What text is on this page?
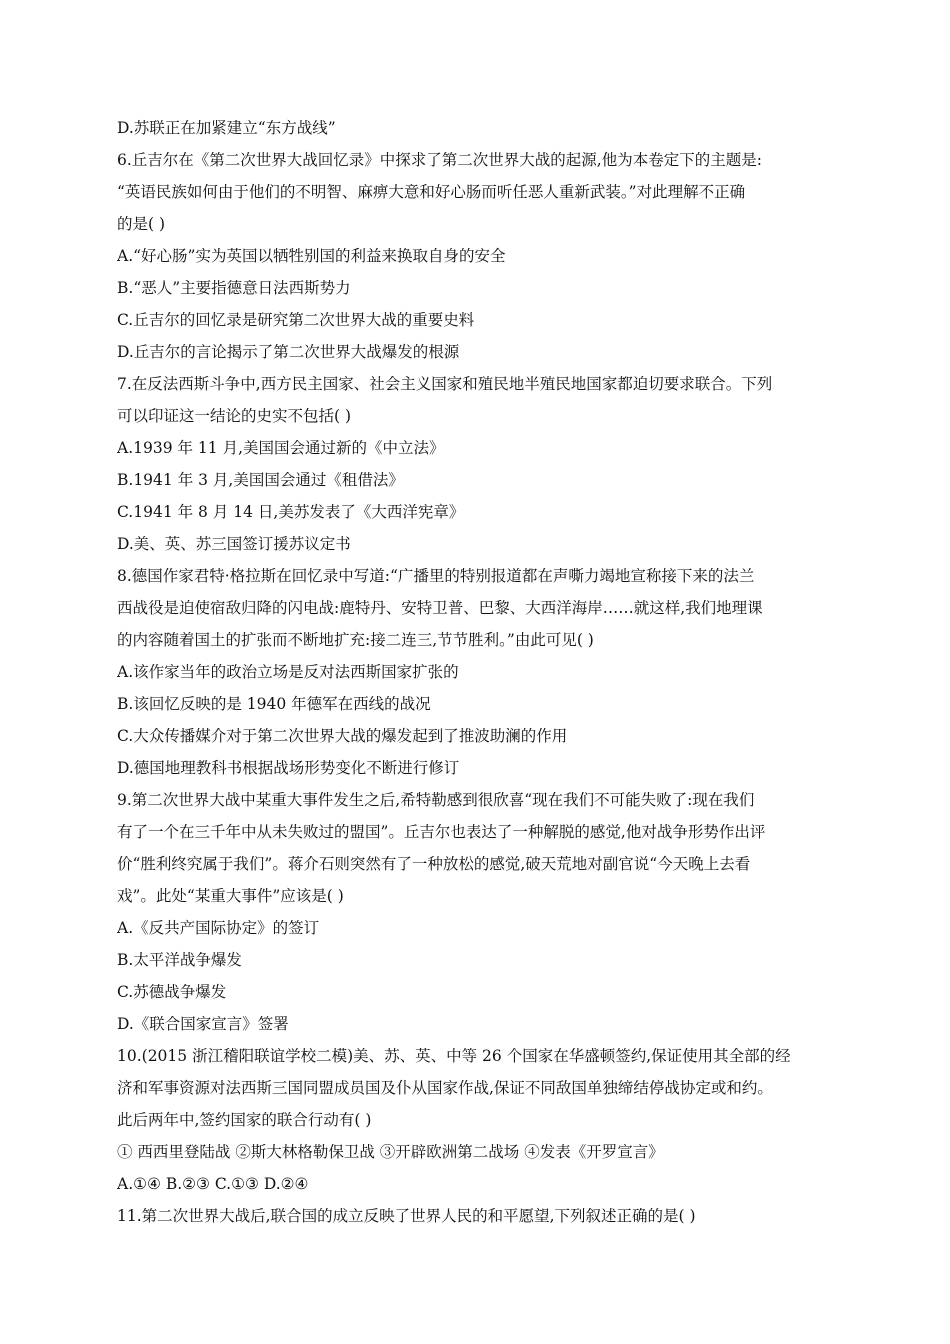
D.苏联正在加紧建立“东方战线”
6.丘吉尔在《第二次世界大战回忆录》中探求了第二次世界大战的起源,他为本卷定下的主题是:
“英语民族如何由于他们的不明智、麻痹大意和好心肠而听任恶人重新武装。”对此理解不正确
的是( )
A.“好心肠”实为英国以牺牲别国的利益来换取自身的安全
B.“恶人”主要指德意日法西斯势力
C.丘吉尔的回忆录是研究第二次世界大战的重要史料
D.丘吉尔的言论揭示了第二次世界大战爆发的根源
7.在反法西斯斗争中,西方民主国家、社会主义国家和殖民地半殖民地国家都迫切要求联合。下列
可以印证这一结论的史实不包括( )
A.1939 年 11 月,美国国会通过新的《中立法》
B.1941 年 3 月,美国国会通过《租借法》
C.1941 年 8 月 14 日,美苏发表了《大西洋宪章》
D.美、英、苏三国签订援苏议定书
8.德国作家君特·格拉斯在回忆录中写道:“广播里的特别报道都在声嘶力竭地宣称接下来的法兰
西战役是迫使宿敌归降的闪电战:鹿特丹、安特卫普、巴黎、大西洋海岸……就这样,我们地理课
的内容随着国土的扩张而不断地扩充:接二连三,节节胜利。”由此可见( )
A.该作家当年的政治立场是反对法西斯国家扩张的
B.该回忆反映的是 1940 年德军在西线的战况
C.大众传播媒介对于第二次世界大战的爆发起到了推波助澜的作用
D.德国地理教科书根据战场形势变化不断进行修订
9.第二次世界大战中某重大事件发生之后,希特勒感到很欣喜“现在我们不可能失败了:现在我们
有了一个在三千年中从未失败过的盟国”。丘吉尔也表达了一种解脱的感觉,他对战争形势作出评
价“胜利终究属于我们”。蒋介石则突然有了一种放松的感觉,破天荒地对副官说“今天晚上去看
戏”。此处“某重大事件”应该是( )
A.《反共产国际协定》的签订
B.太平洋战争爆发
C.苏德战争爆发
D.《联合国家宣言》签署
10.(2015 浙江稽阳联谊学校二模)美、苏、英、中等 26 个国家在华盛顿签约,保证使用其全部的经
济和军事资源对法西斯三国同盟成员国及仆从国家作战,保证不同敌国单独缔结停战协定或和约。
此后两年中,签约国家的联合行动有( )
① 西西里登陆战 ②斯大林格勒保卫战 ③开辟欧洲第二战场 ④发表《开罗宣言》
A.①④ B.②③ C.①③ D.②④
11.第二次世界大战后,联合国的成立反映了世界人民的和平愿望,下列叙述正确的是( )
